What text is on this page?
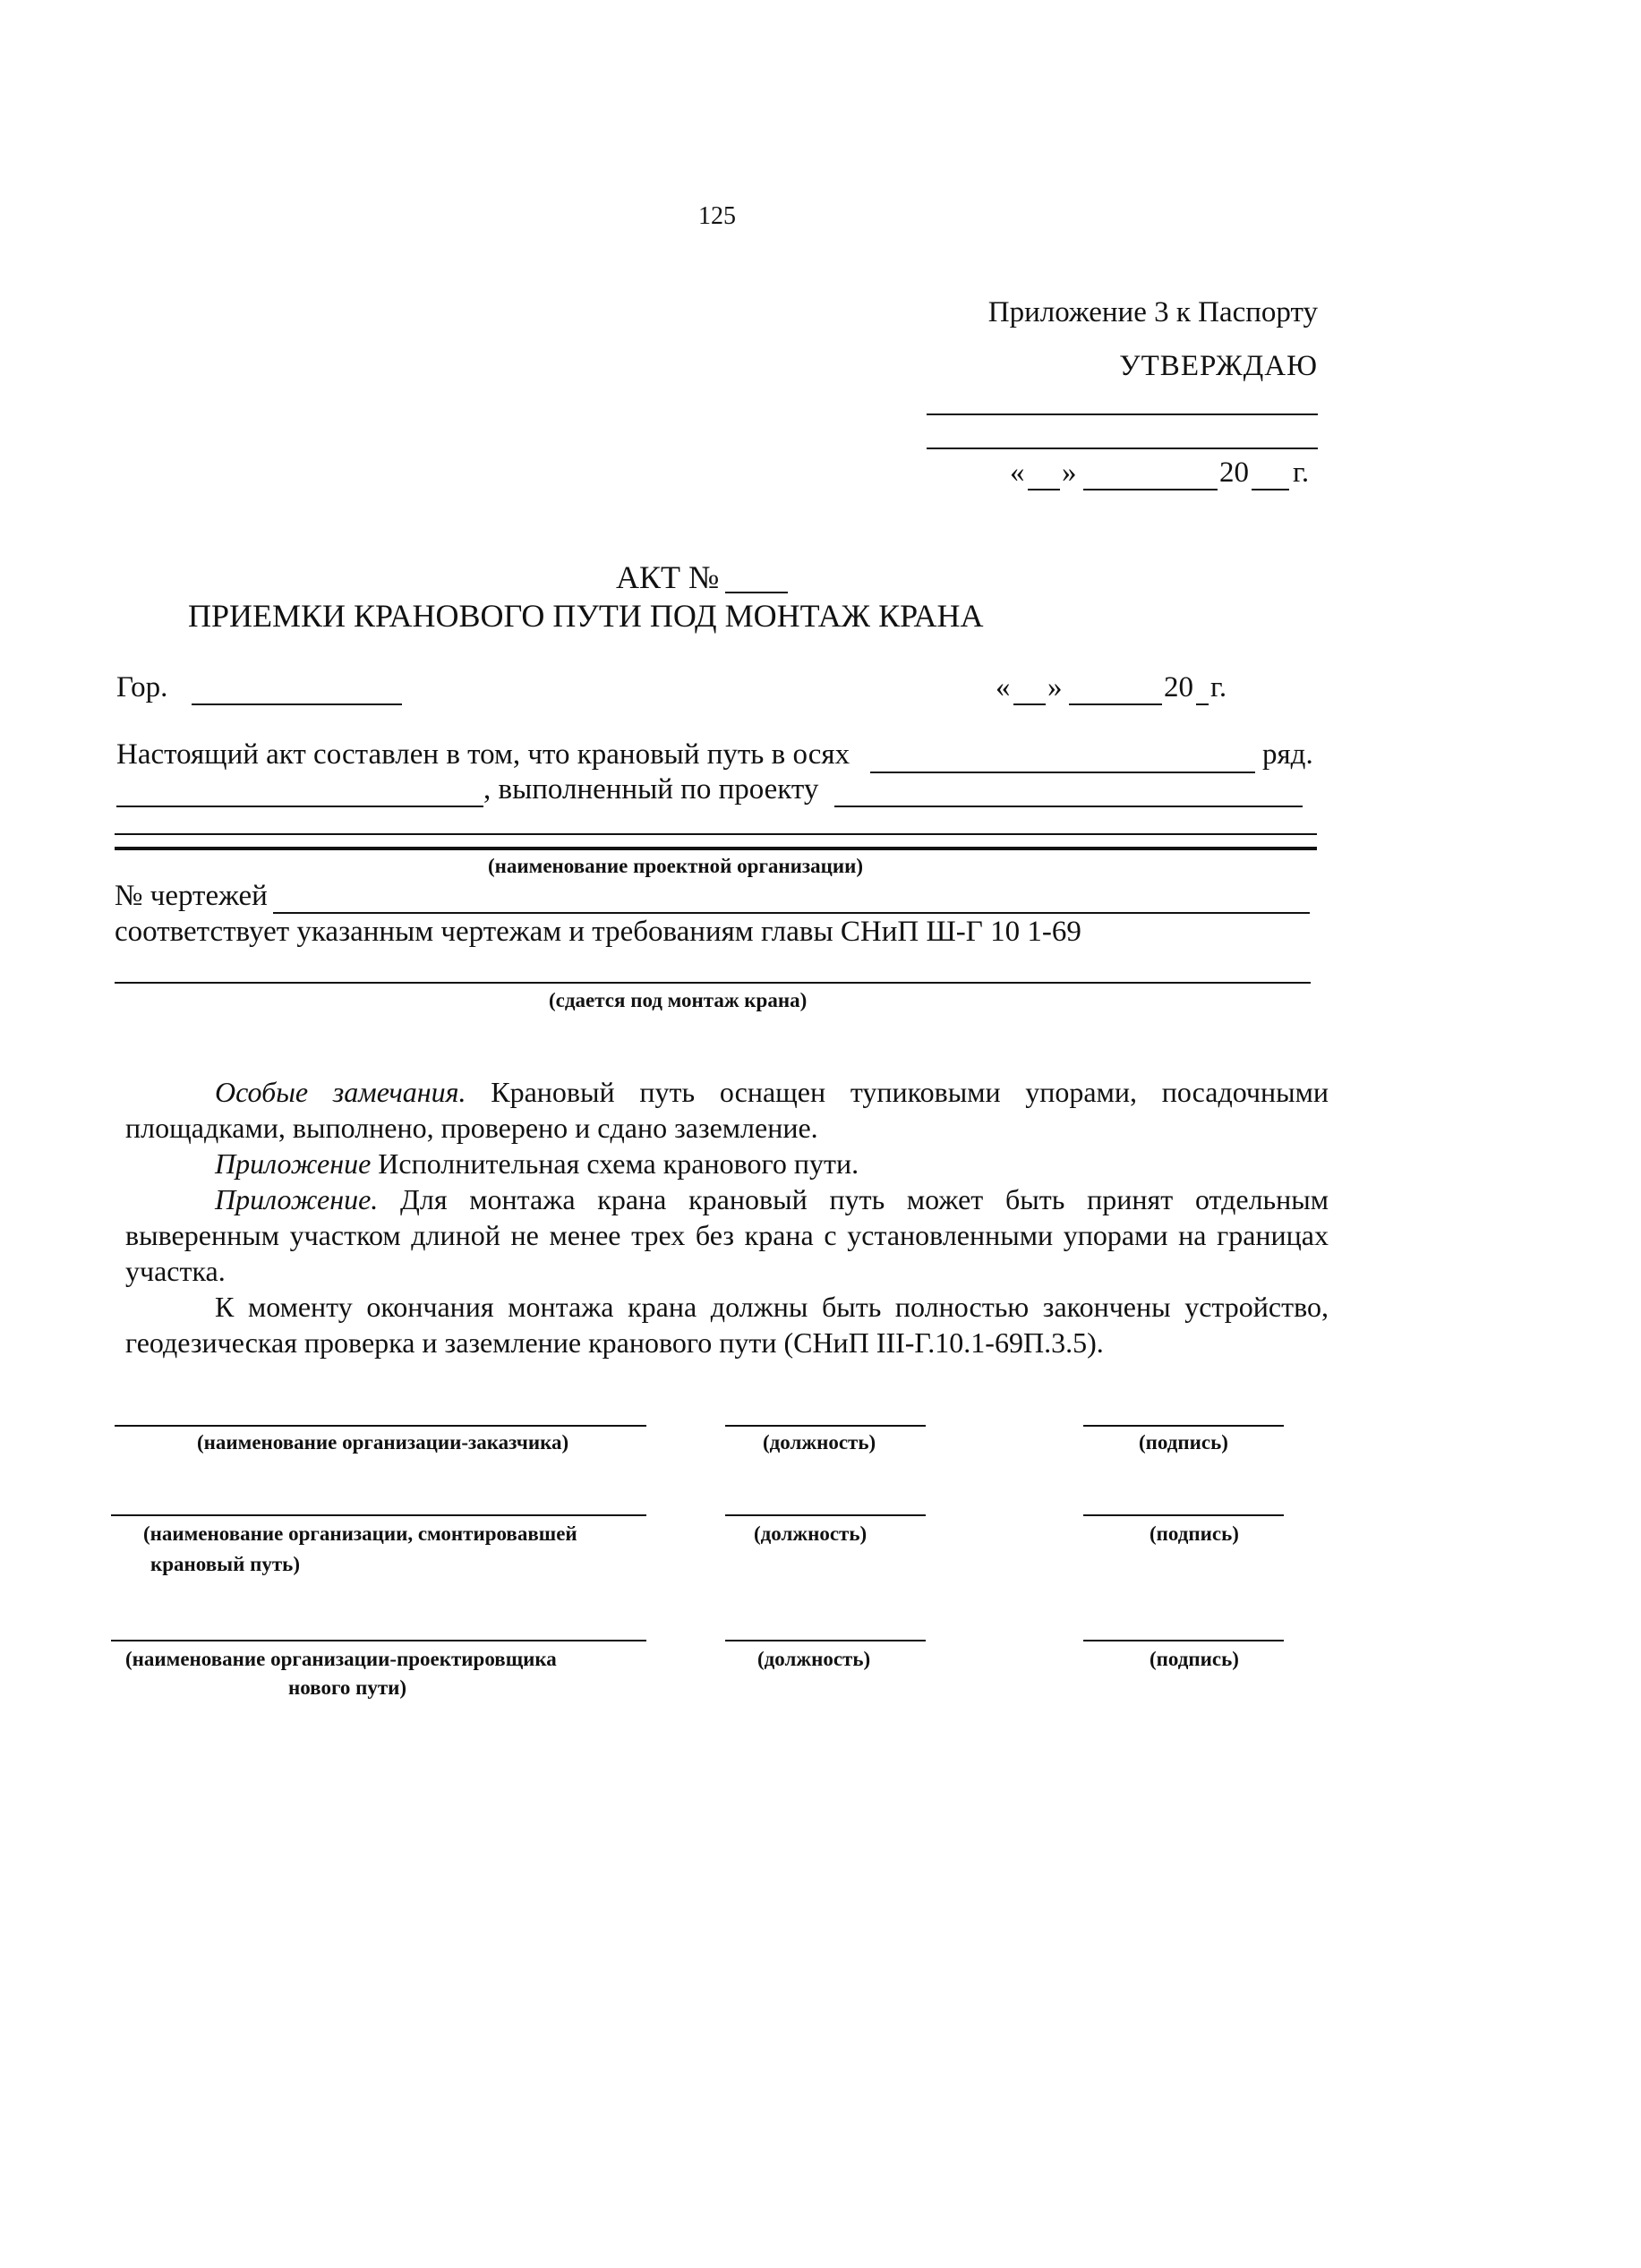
125
Приложение 3 к Паспорту
УТВЕРЖДАЮ
« »	20 г.
АКТ №
ПРИЕМКИ КРАНОВОГО ПУТИ ПОД МОНТАЖ КРАНА
Гор.	« »	20 г.
Настоящий акт составлен в том, что крановый путь в осях	ряд.
, выполненный по проекту
(наименование проектной организации)
№ чертежей
соответствует указанным чертежам и требованиям главы СНиП Ш-Г 10 1-69
(сдается под монтаж крана)
Особые замечания. Крановый путь оснащен тупиковыми упорами, посадочными площадками, выполнено, проверено и сдано заземление.
Приложение Исполнительная схема кранового пути.
Приложение. Для монтажа крана крановый путь может быть принят отдельным выверенным участком длиной не менее трех без крана с установленными упорами на границах участка.
К моменту окончания монтажа крана должны быть полностью закончены устройство, геодезическая проверка и заземление кранового пути (СНиП III-Г.10.1-69П.3.5).
(наименование организации-заказчика)	(должность)	(подпись)
(наименование организации, смонтировавшей
крановый путь)
(должность)	(подпись)
(наименование организации-проектировщика
нового пути)
(должность)	(подпись)
